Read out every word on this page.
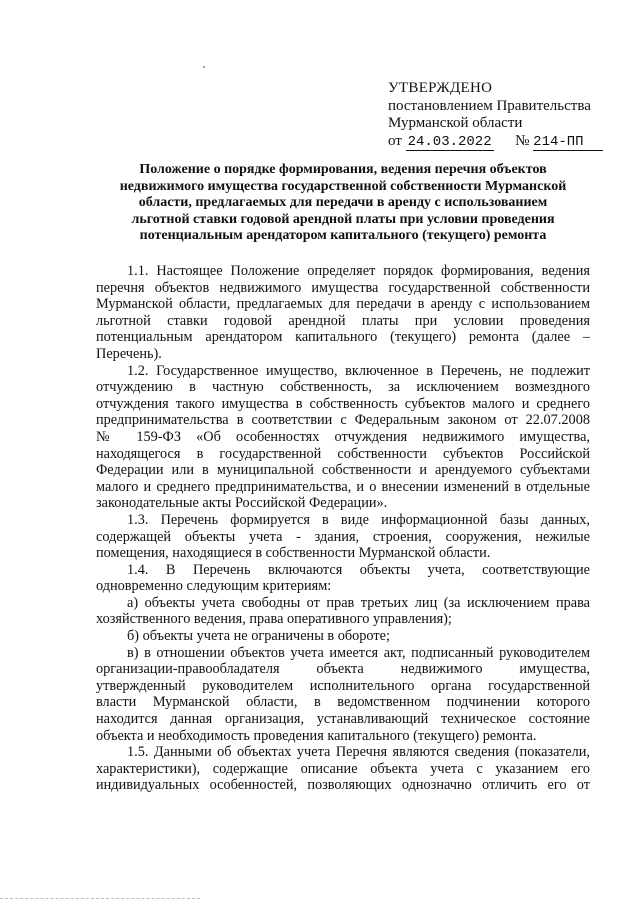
УТВЕРЖДЕНО
постановлением Правительства
Мурманской области
от 24.03.2022 № 214-ПП
Положение о порядке формирования, ведения перечня объектов
недвижимого имущества государственной собственности Мурманской
области, предлагаемых для передачи в аренду с использованием
льготной ставки годовой арендной платы при условии проведения
потенциальным арендатором капитального (текущего) ремонта
1.1. Настоящее Положение определяет порядок формирования, ведения
перечня объектов недвижимого имущества государственной собственности
Мурманской области, предлагаемых для передачи в аренду с использованием
льготной ставки годовой арендной платы при условии проведения
потенциальным арендатором капитального (текущего) ремонта (далее –
Перечень).
1.2. Государственное имущество, включенное в Перечень, не подлежит
отчуждению в частную собственность, за исключением возмездного
отчуждения такого имущества в собственность субъектов малого и среднего
предпринимательства в соответствии с Федеральным законом от 22.07.2008
№ 159-ФЗ «Об особенностях отчуждения недвижимого имущества,
находящегося в государственной собственности субъектов Российской
Федерации или в муниципальной собственности и арендуемого субъектами
малого и среднего предпринимательства, и о внесении изменений в отдельные
законодательные акты Российской Федерации».
1.3. Перечень формируется в виде информационной базы данных,
содержащей объекты учета - здания, строения, сооружения, нежилые
помещения, находящиеся в собственности Мурманской области.
1.4. В Перечень включаются объекты учета, соответствующие
одновременно следующим критериям:
а) объекты учета свободны от прав третьих лиц (за исключением права
хозяйственного ведения, права оперативного управления);
б) объекты учета не ограничены в обороте;
в) в отношении объектов учета имеется акт, подписанный руководителем
организации-правообладателя объекта недвижимого имущества,
утвержденный руководителем исполнительного органа государственной
власти Мурманской области, в ведомственном подчинении которого
находится данная организация, устанавливающий техническое состояние
объекта и необходимость проведения капитального (текущего) ремонта.
1.5. Данными об объектах учета Перечня являются сведения (показатели,
характеристики), содержащие описание объекта учета с указанием его
индивидуальных особенностей, позволяющих однозначно отличить его от
